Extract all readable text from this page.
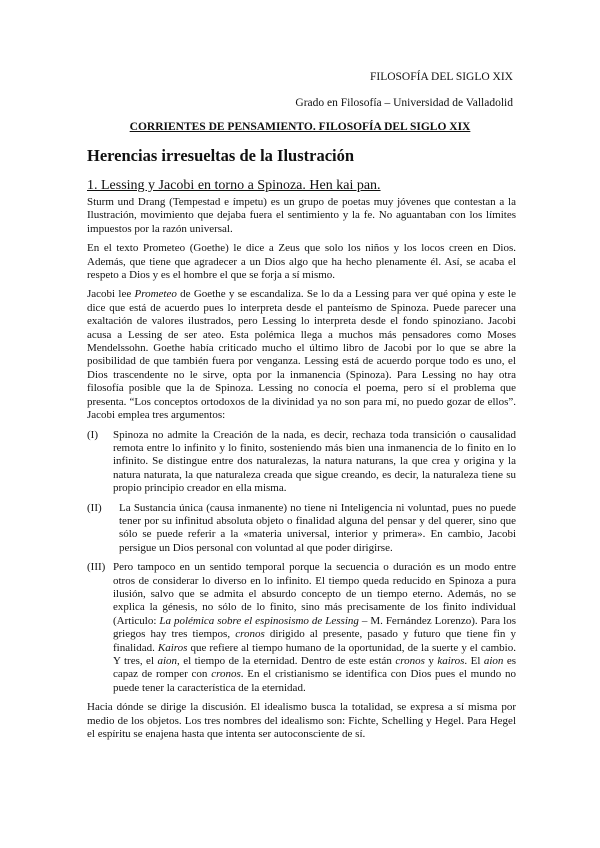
FILOSOFÍA DEL SIGLO XIX
Grado en Filosofía – Universidad de Valladolid
CORRIENTES DE PENSAMIENTO. FILOSOFÍA DEL SIGLO XIX
Herencias irresueltas de la Ilustración
1. Lessing y Jacobi en torno a Spinoza. Hen kai pan.

Sturm und Drang (Tempestad e ímpetu) es un grupo de poetas muy jóvenes que contestan a la Ilustración, movimiento que dejaba fuera el sentimiento y la fe. No aguantaban con los límites impuestos por la razón universal.

En el texto Prometeo (Goethe) le dice a Zeus que solo los niños y los locos creen en Dios. Además, que tiene que agradecer a un Dios algo que ha hecho plenamente él. Así, se acaba el respeto a Dios y es el hombre el que se forja a sí mismo.

Jacobi lee Prometeo de Goethe y se escandaliza. Se lo da a Lessing para ver qué opina y este le dice que está de acuerdo pues lo interpreta desde el panteísmo de Spinoza. Puede parecer una exaltación de valores ilustrados, pero Lessing lo interpreta desde el fondo spinoziano. Jacobi acusa a Lessing de ser ateo. Esta polémica llega a muchos más pensadores como Moses Mendelssohn. Goethe había criticado mucho el último libro de Jacobi por lo que se abre la posibilidad de que también fuera por venganza. Lessing está de acuerdo porque todo es uno, el Dios trascendente no le sirve, opta por la inmanencia (Spinoza). Para Lessing no hay otra filosofía posible que la de Spinoza. Lessing no conocía el poema, pero sí el problema que presenta. “Los conceptos ortodoxos de la divinidad ya no son para mí, no puedo gozar de ellos”. Jacobi emplea tres argumentos:

(I)	Spinoza no admite la Creación de la nada, es decir, rechaza toda transición o causalidad remota entre lo infinito y lo finito, sosteniendo más bien una inmanencia de lo finito en lo infinito. Se distingue entre dos naturalezas, la natura naturans, la que crea y origina y la natura naturata, la que naturaleza creada que sigue creando, es decir, la naturaleza tiene su propio principio creador en ella misma.
(II)	La Sustancia única (causa inmanente) no tiene ni Inteligencia ni voluntad, pues no puede tener por su infinitud absoluta objeto o finalidad alguna del pensar y del querer, sino que sólo se puede referir a la «materia universal, interior y primera». En cambio, Jacobi persigue un Dios personal con voluntad al que poder dirigirse.
(III) Pero tampoco en un sentido temporal porque la secuencia o duración es un modo entre otros de considerar lo diverso en lo infinito. El tiempo queda reducido en Spinoza a pura ilusión, salvo que se admita el absurdo concepto de un tiempo eterno. Además, no se explica la génesis, no sólo de lo finito, sino más precisamente de los finito individual (Articulo: La polémica sobre el espinosismo de Lessing – M. Fernández Lorenzo). Para los griegos hay tres tiempos, cronos dirigido al presente, pasado y futuro que tiene fin y finalidad. Kairos que refiere al tiempo humano de la oportunidad, de la suerte y el cambio. Y tres, el aion, el tiempo de la eternidad. Dentro de este están cronos y kairos. El aion es capaz de romper con cronos. En el cristianismo se identifica con Dios pues el mundo no puede tener la característica de la eternidad.

Hacia dónde se dirige la discusión. El idealismo busca la totalidad, se expresa a sí misma por medio de los objetos. Los tres nombres del idealismo son: Fichte, Schelling y Hegel. Para Hegel el espíritu se enajena hasta que intenta ser autoconsciente de sí.
